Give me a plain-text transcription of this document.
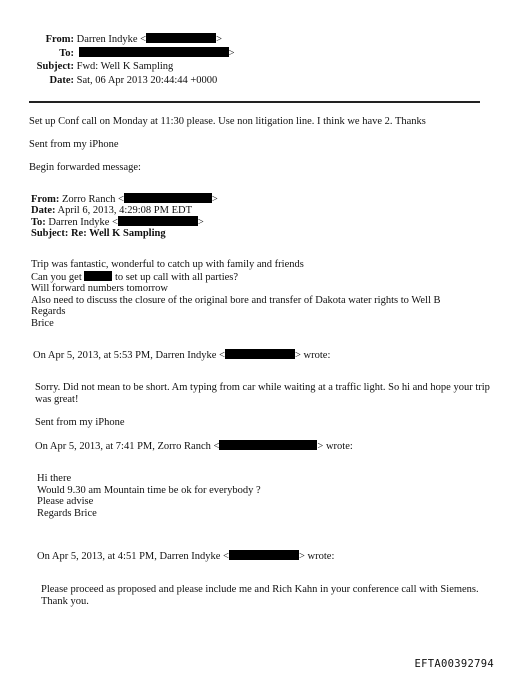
From: Darren Indyke <	>
To:	>
Subject: Fwd: Well K Sampling
Date: Sat, 06 Apr 2013 20:44:44 +0000
Set up Conf call on Monday at 11:30 please. Use non litigation line. I think we have 2. Thanks
Sent from my iPhone
Begin forwarded message:
From: Zorro Ranch <	>
Date: April 6, 2013, 4:29:08 PM EDT
To: Darren Indyke <	>
Subject: Re: Well K Sampling

Trip was fantastic, wonderful to catch up with family and friends

Can you get	to set up call with all parties?

Will forward numbers tomorrow

Also need to discuss the closure of the original bore and transfer of Dakota water rights to Well B

Regards

Brice

On Apr 5, 2013, at 5:53 PM, Darren Indyke <	> wrote:

Sorry. Did not mean to be short. Am typing from car while waiting at a traffic light. So hi and hope your trip

was great!

Sent from my iPhone
On Apr 5, 2013, at 7:41 PM, Zorro Ranch <	> wrote:

Hi there

Would 9.30 am Mountain time be ok for everybody ?

Please advise

Regards Brice

On Apr 5, 2013, at 4:51 PM, Darren Indyke <	> wrote:

Please proceed as proposed and please include me and Rich Kahn in your conference call with Siemens.

Thank you.

EFTA00392794
